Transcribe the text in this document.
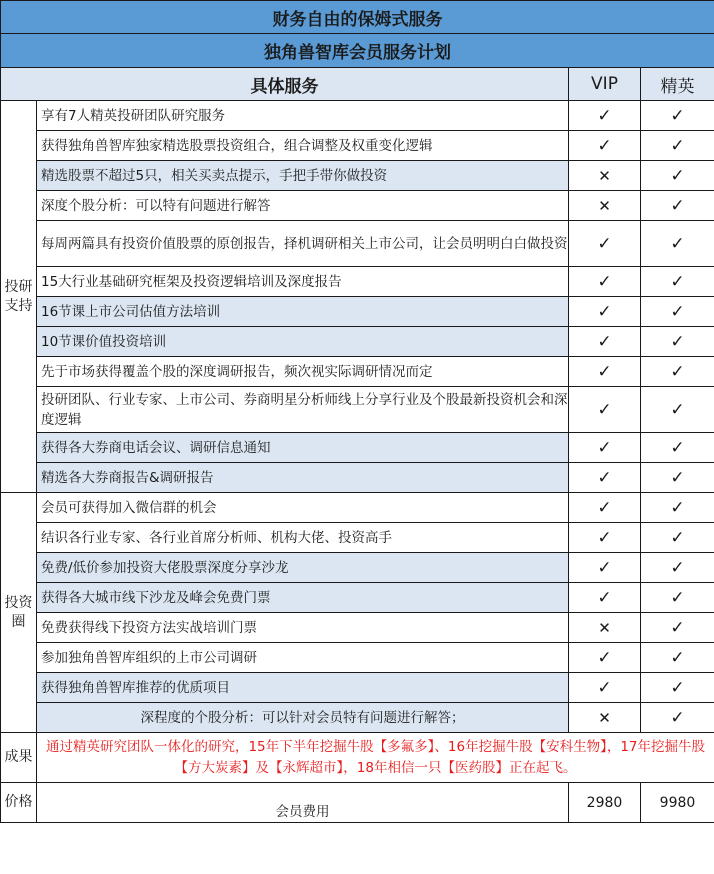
财务自由的保姆式服务			
独角兽智库会员服务计划			
具体服务		VIP	精英
投研支持	享有7人精英投研团队研究服务	✓	✓
	获得独角兽智库独家精选股票投资组合，组合调整及权重变化逻辑	✓	✓
	精选股票不超过5只，相关买卖点提示，手把手带你做投资	✕	✓
	深度个股分析：可以特有问题进行解答	✕	✓
	每周两篇具有投资价值股票的原创报告，择机调研相关上市公司，让会员明明白白做投资	✓	✓
	15大行业基础研究框架及投资逻辑培训及深度报告	✓	✓
	16节课上市公司估值方法培训	✓	✓
	10节课价值投资培训	✓	✓
	先于市场获得覆盖个股的深度调研报告，频次视实际调研情况而定	✓	✓
	投研团队、行业专家、上市公司、券商明星分析师线上分享行业及个股最新投资机会和深度逻辑	✓	✓
	获得各大券商电话会议、调研信息通知	✓	✓
	精选各大券商报告&调研报告	✓	✓
投资圈	会员可获得加入微信群的机会	✓	✓
	结识各行业专家、各行业首席分析师、机构大佬、投资高手	✓	✓
	免费/低价参加投资大佬股票深度分享沙龙	✓	✓
	获得各大城市线下沙龙及峰会免费门票	✓	✓
	免费获得线下投资方法实战培训门票	✕	✓
	参加独角兽智库组织的上市公司调研	✓	✓
	获得独角兽智库推荐的优质项目	✓	✓
	深程度的个股分析：可以针对会员特有问题进行解答；	✕	✓
成果	通过精英研究团队一体化的研究，15年下半年挖掘牛股【多氟多】、16年挖掘牛股【安科生物】，17年挖掘牛股【方大炭素】及【永辉超市】，18年相信一只【医药股】正在起飞。		
价格	会员费用	2980	9980
